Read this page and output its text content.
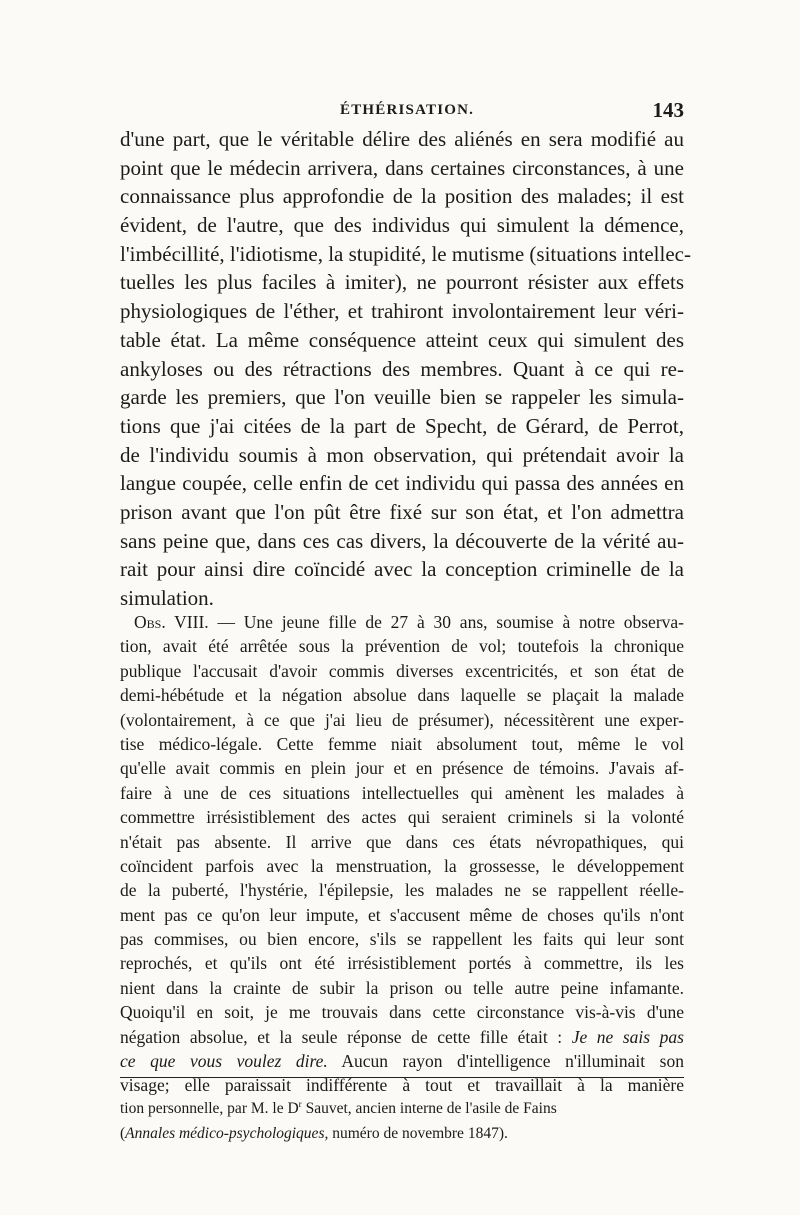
ÉTHÉRISATION.	143
d'une part, que le véritable délire des aliénés en sera modifié au
point que le médecin arrivera, dans certaines circonstances, à une
connaissance plus approfondie de la position des malades; il est
évident, de l'autre, que des individus qui simulent la démence,
l'imbécillité, l'idiotisme, la stupidité, le mutisme (situations intellec-
tuelles les plus faciles à imiter), ne pourront résister aux effets
physiologiques de l'éther, et trahiront involontairement leur véri-
table état. La même conséquence atteint ceux qui simulent des
ankyloses ou des rétractions des membres. Quant à ce qui re-
garde les premiers, que l'on veuille bien se rappeler les simula-
tions que j'ai citées de la part de Specht, de Gérard, de Perrot,
de l'individu soumis à mon observation, qui prétendait avoir la
langue coupée, celle enfin de cet individu qui passa des années en
prison avant que l'on pût être fixé sur son état, et l'on admettra
sans peine que, dans ces cas divers, la découverte de la vérité au-
rait pour ainsi dire coïncidé avec la conception criminelle de la
simulation.
Obs. VIII. — Une jeune fille de 27 à 30 ans, soumise à notre observa-
tion, avait été arrêtée sous la prévention de vol; toutefois la chronique
publique l'accusait d'avoir commis diverses excentricités, et son état de
demi-hébétude et la négation absolue dans laquelle se plaçait la malade
(volontairement, à ce que j'ai lieu de présumer), nécessitèrent une exper-
tise médico-légale. Cette femme niait absolument tout, même le vol
qu'elle avait commis en plein jour et en présence de témoins. J'avais af-
faire à une de ces situations intellectuelles qui amènent les malades à
commettre irrésistiblement des actes qui seraient criminels si la volonté
n'était pas absente. Il arrive que dans ces états névropathiques, qui
coïncident parfois avec la menstruation, la grossesse, le développement
de la puberté, l'hystérie, l'épilepsie, les malades ne se rappellent réelle-
ment pas ce qu'on leur impute, et s'accusent même de choses qu'ils n'ont
pas commises, ou bien encore, s'ils se rappellent les faits qui leur sont
reprochés, et qu'ils ont été irrésistiblement portés à commettre, ils les
nient dans la crainte de subir la prison ou telle autre peine infamante.
Quoiqu'il en soit, je me trouvais dans cette circonstance vis-à-vis d'une
négation absolue, et la seule réponse de cette fille était : Je ne sais pas
ce que vous voulez dire. Aucun rayon d'intelligence n'illuminait son
visage; elle paraissait indifférente à tout et travaillait à la manière
tion personnelle, par M. le $D^r$ Sauvet, ancien interne de l'asile de Fains
(Annales médico-psychologiques, numéro de novembre 1847).
